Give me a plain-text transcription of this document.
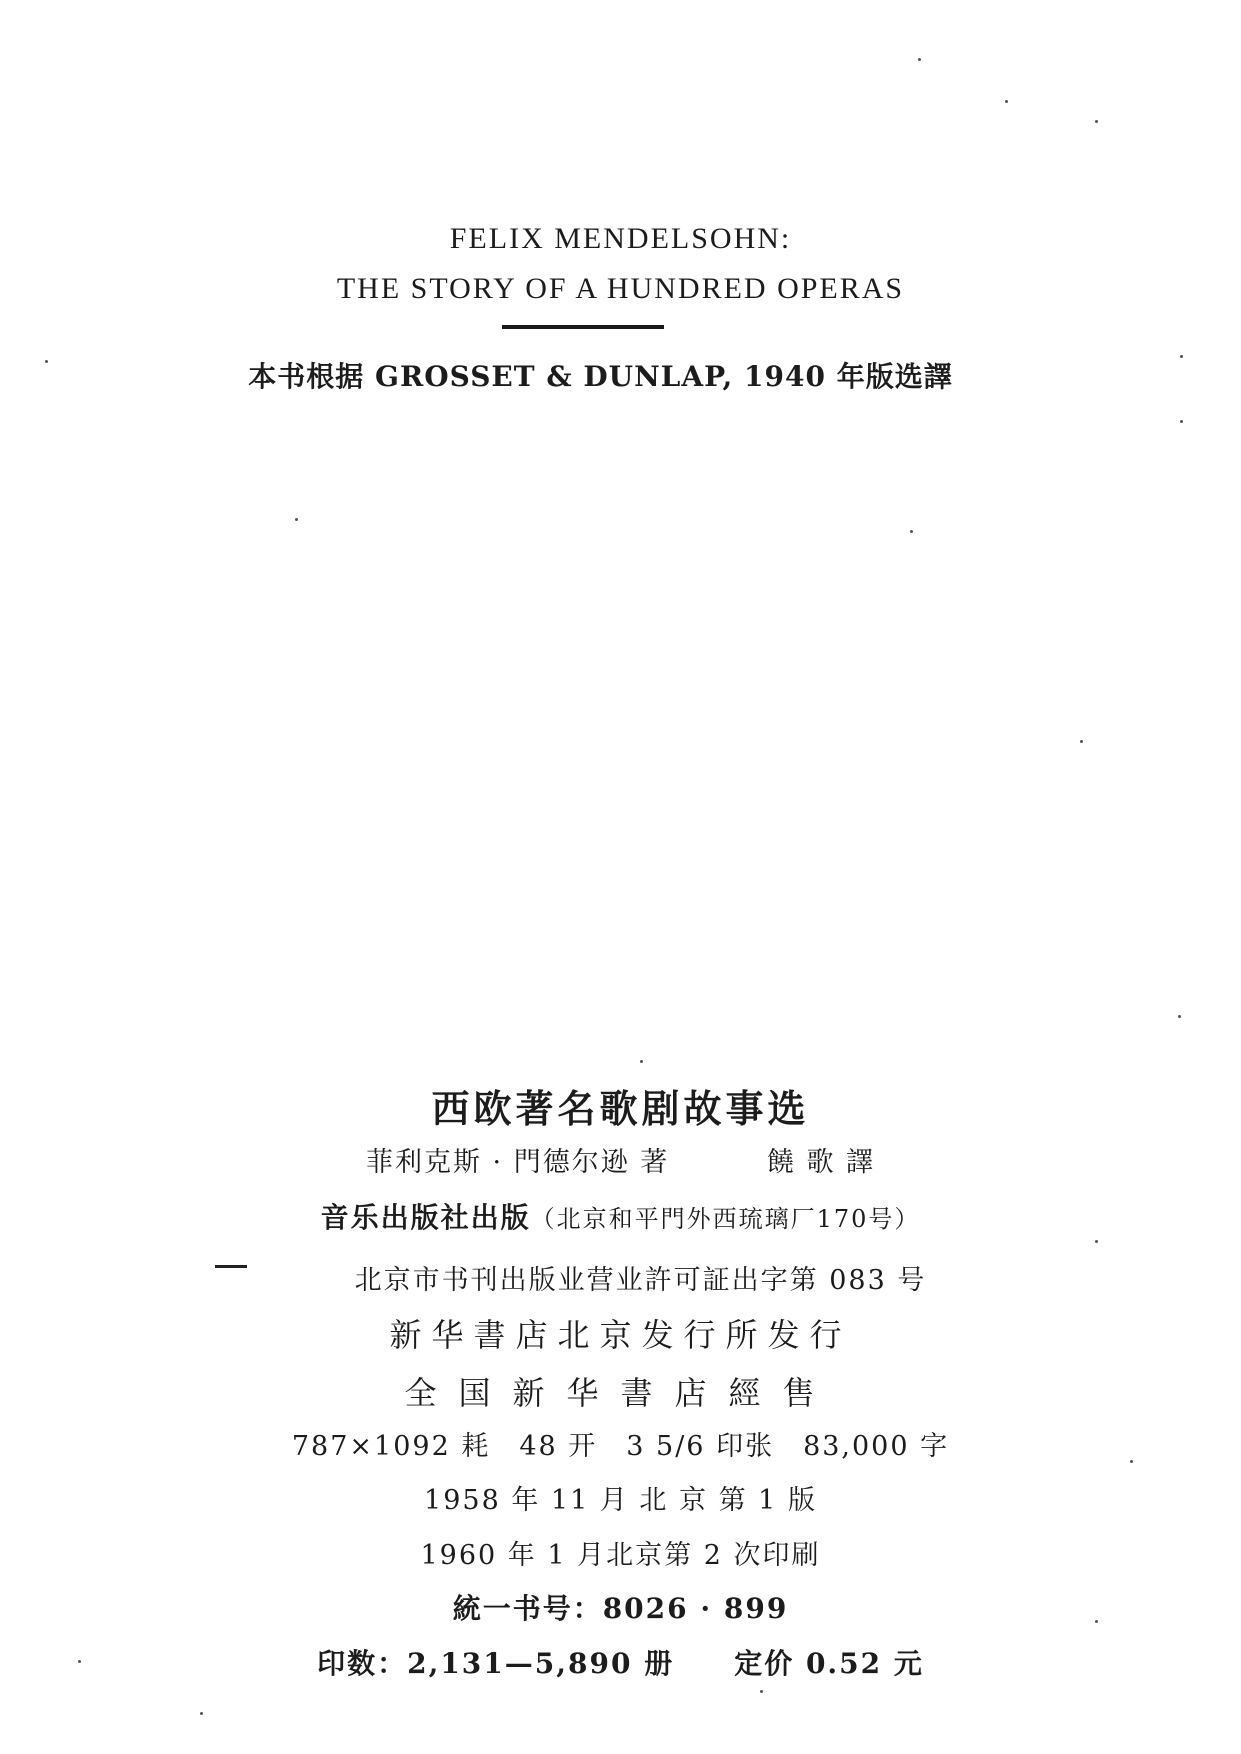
FELIX MENDELSOHN:
THE STORY OF A HUNDRED OPERAS
本书根据 GROSSET & DUNLAP, 1940 年版选譯
西欧著名歌剧故事选
菲利克斯 · 門德尔逊 著　　　 饒 歌 譯
音乐出版社出版（北京和平門外西琉璃厂170号）
北京市书刊出版业营业許可証出字第 083 号
新华書店北京发行所发行
全国新华書店經售
787×1092 耗　48 开　3 5/6 印张　83,000 字
1958 年 11 月 北 京 第 1 版
1960 年 1 月北京第 2 次印刷
統一书号：8026 · 899
印数：2,131—5,890 册　　定价 0.52 元
